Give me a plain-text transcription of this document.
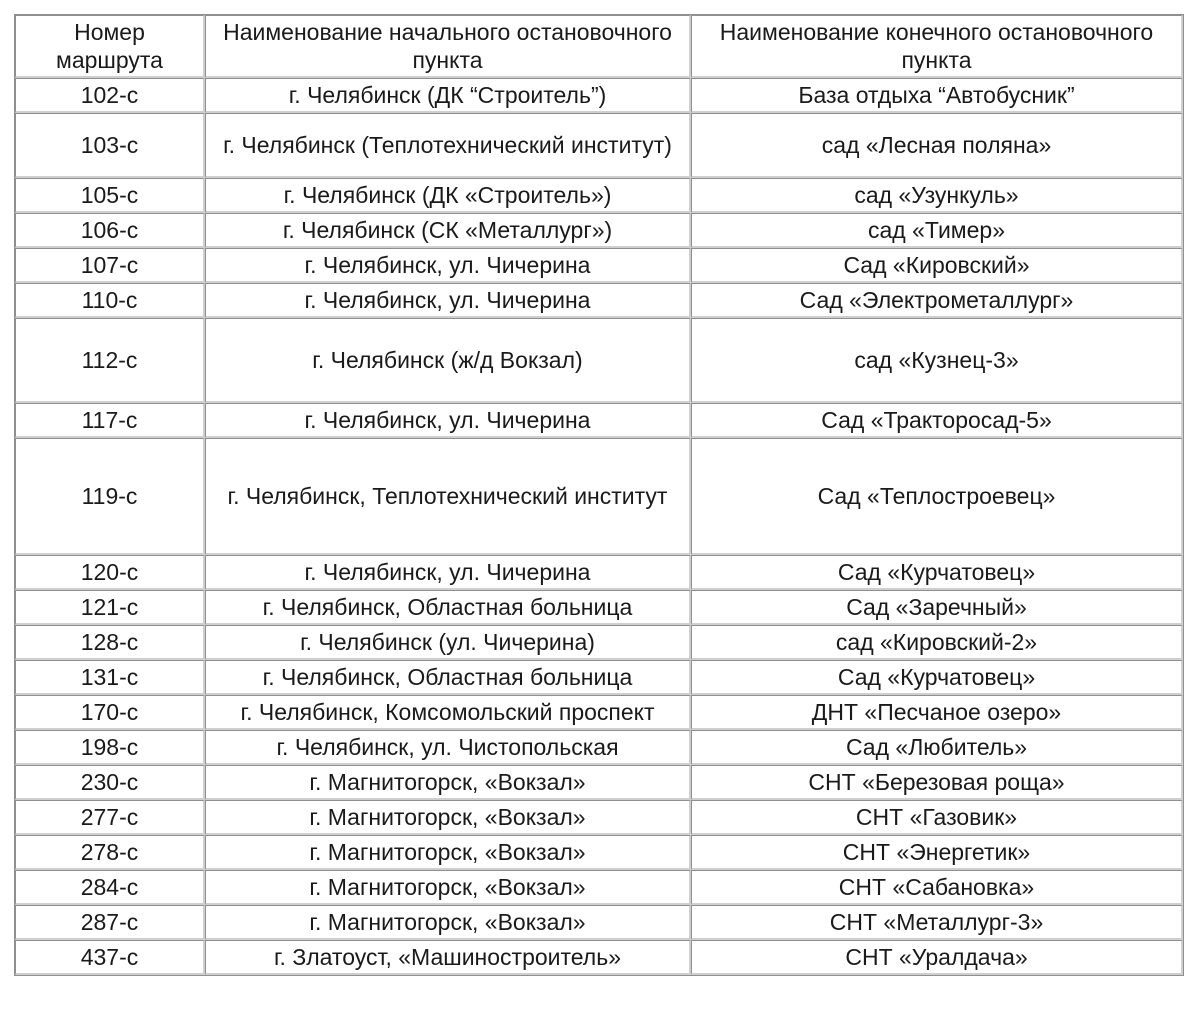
Номер маршрута	Наименование начального остановочного пункта	Наименование конечного остановочного пункта
102-с	г. Челябинск (ДК “Строитель”)	База отдыха “Автобусник”
103-с	г. Челябинск (Теплотехнический институт)	сад «Лесная поляна»
105-с	г. Челябинск (ДК «Строитель»)	сад «Узункуль»
106-с	г. Челябинск (СК «Металлург»)	сад «Тимер»
107-с	г. Челябинск, ул. Чичерина	Сад «Кировский»
110-с	г. Челябинск, ул. Чичерина	Сад «Электрометаллург»
112-с	г. Челябинск (ж/д Вокзал)	сад «Кузнец-3»
117-с	г. Челябинск, ул. Чичерина	Сад «Тракторосад-5»
119-с	г. Челябинск, Теплотехнический институт	Сад «Теплостроевец»
120-с	г. Челябинск, ул. Чичерина	Сад «Курчатовец»
121-с	г. Челябинск, Областная больница	Сад «Заречный»
128-с	г. Челябинск (ул. Чичерина)	сад «Кировский-2»
131-с	г. Челябинск, Областная больница	Сад «Курчатовец»
170-с	г. Челябинск, Комсомольский проспект	ДНТ «Песчаное озеро»
198-с	г. Челябинск, ул. Чистопольская	Сад «Любитель»
230-с	г. Магнитогорск, «Вокзал»	СНТ «Березовая роща»
277-с	г. Магнитогорск, «Вокзал»	СНТ «Газовик»
278-с	г. Магнитогорск, «Вокзал»	СНТ «Энергетик»
284-с	г. Магнитогорск, «Вокзал»	СНТ «Сабановка»
287-с	г. Магнитогорск, «Вокзал»	СНТ «Металлург-3»
437-с	г. Златоуст, «Машиностроитель»	СНТ «Уралдача»
